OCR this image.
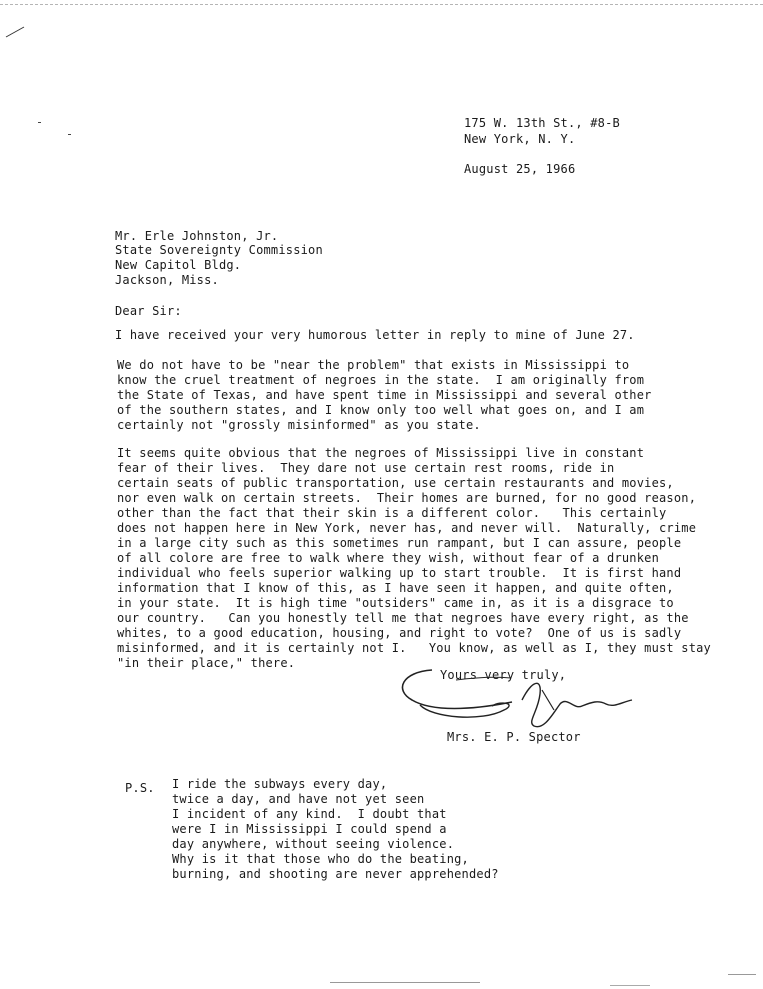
175 W. 13th St., #8-B
New York, N. Y.
August 25, 1966
Mr. Erle Johnston, Jr.
State Sovereignty Commission
New Capitol Bldg.
Jackson, Miss.
Dear Sir:
I have received your very humorous letter in reply to mine of June 27.
We do not have to be "near the problem" that exists in Mississippi to
know the cruel treatment of negroes in the state.  I am originally from
the State of Texas, and have spent time in Mississippi and several other
of the southern states, and I know only too well what goes on, and I am
certainly not "grossly misinformed" as you state.
It seems quite obvious that the negroes of Mississippi live in constant
fear of their lives.  They dare not use certain rest rooms, ride in
certain seats of public transportation, use certain restaurants and movies,
nor even walk on certain streets.  Their homes are burned, for no good reason,
other than the fact that their skin is a different color.   This certainly
does not happen here in New York, never has, and never will.  Naturally, crime
in a large city such as this sometimes run rampant, but I can assure, people
of all colore are free to walk where they wish, without fear of a drunken
individual who feels superior walking up to start trouble.  It is first hand
information that I know of this, as I have seen it happen, and quite often,
in your state.  It is high time "outsiders" came in, as it is a disgrace to
our country.   Can you honestly tell me that negroes have every right, as the
whites, to a good education, housing, and right to vote?  One of us is sadly
misinformed, and it is certainly not I.   You know, as well as I, they must stay
"in their place," there.
Yours very truly,
Mrs. E. P. Spector
P.S. I ride the subways every day,
twice a day, and have not yet seen
I incident of any kind.  I doubt that
were I in Mississippi I could spend a
day anywhere, without seeing violence.
Why is it that those who do the beating,
burning, and shooting are never apprehended?
